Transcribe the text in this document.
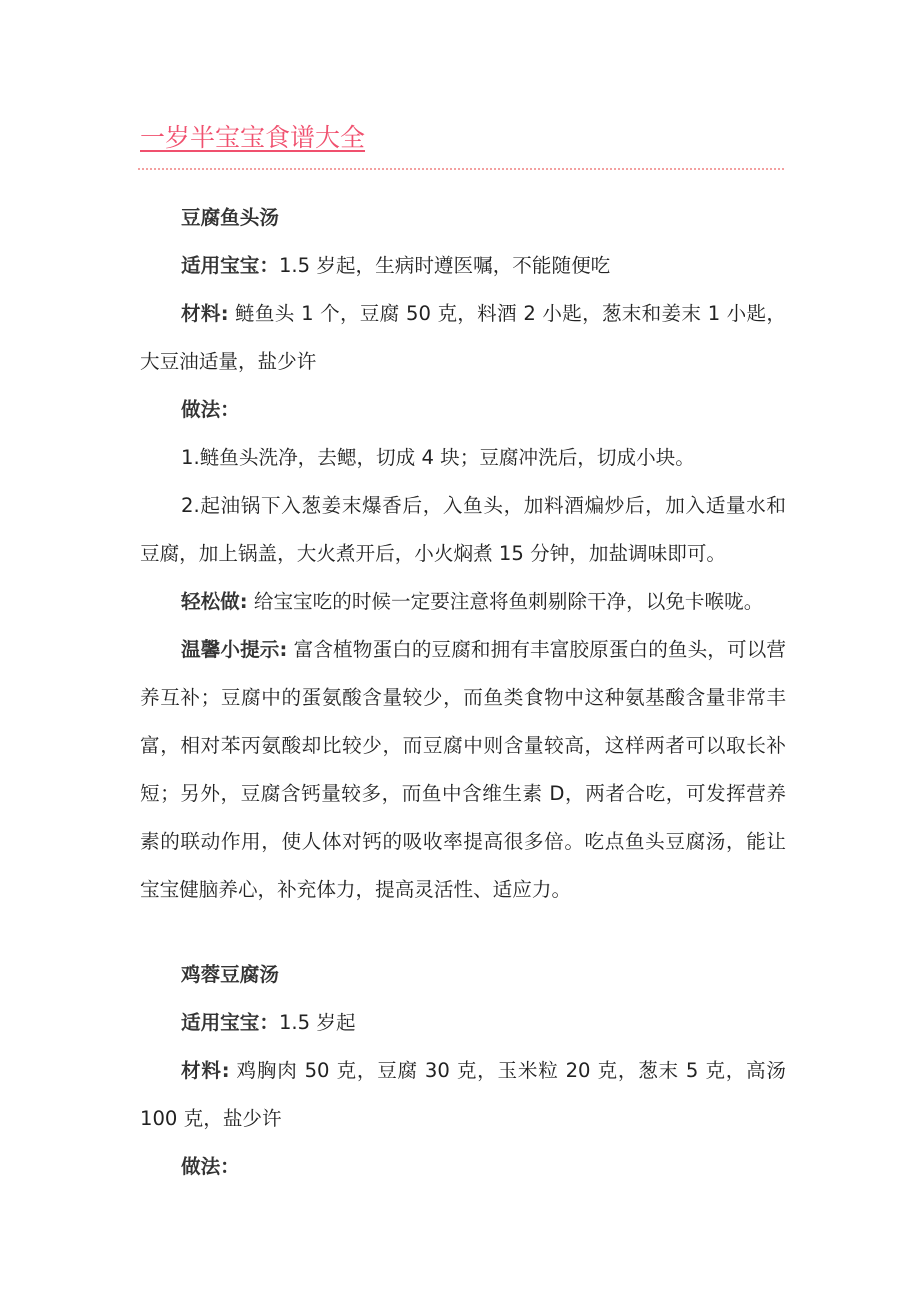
一岁半宝宝食谱大全

豆腐鱼头汤

适用宝宝：1.5 岁起，生病时遵医嘱，不能随便吃

材料: 鲢鱼头 1 个，豆腐 50 克，料酒 2 小匙，葱末和姜末 1 小匙，大豆油适量，盐少许

做法：

1.鲢鱼头洗净，去鳃，切成 4 块；豆腐冲洗后，切成小块。

2.起油锅下入葱姜末爆香后，入鱼头，加料酒煸炒后，加入适量水和豆腐，加上锅盖，大火煮开后，小火焖煮 15 分钟，加盐调味即可。

轻松做: 给宝宝吃的时候一定要注意将鱼刺剔除干净，以免卡喉咙。

温馨小提示: 富含植物蛋白的豆腐和拥有丰富胶原蛋白的鱼头，可以营养互补；豆腐中的蛋氨酸含量较少，而鱼类食物中这种氨基酸含量非常丰富，相对苯丙氨酸却比较少，而豆腐中则含量较高，这样两者可以取长补短；另外，豆腐含钙量较多，而鱼中含维生素 D，两者合吃，可发挥营养素的联动作用，使人体对钙的吸收率提高很多倍。吃点鱼头豆腐汤，能让宝宝健脑养心，补充体力，提高灵活性、适应力。

鸡蓉豆腐汤

适用宝宝：1.5 岁起

材料: 鸡胸肉 50 克，豆腐 30 克，玉米粒 20 克，葱末 5 克，高汤 100 克，盐少许

做法：
